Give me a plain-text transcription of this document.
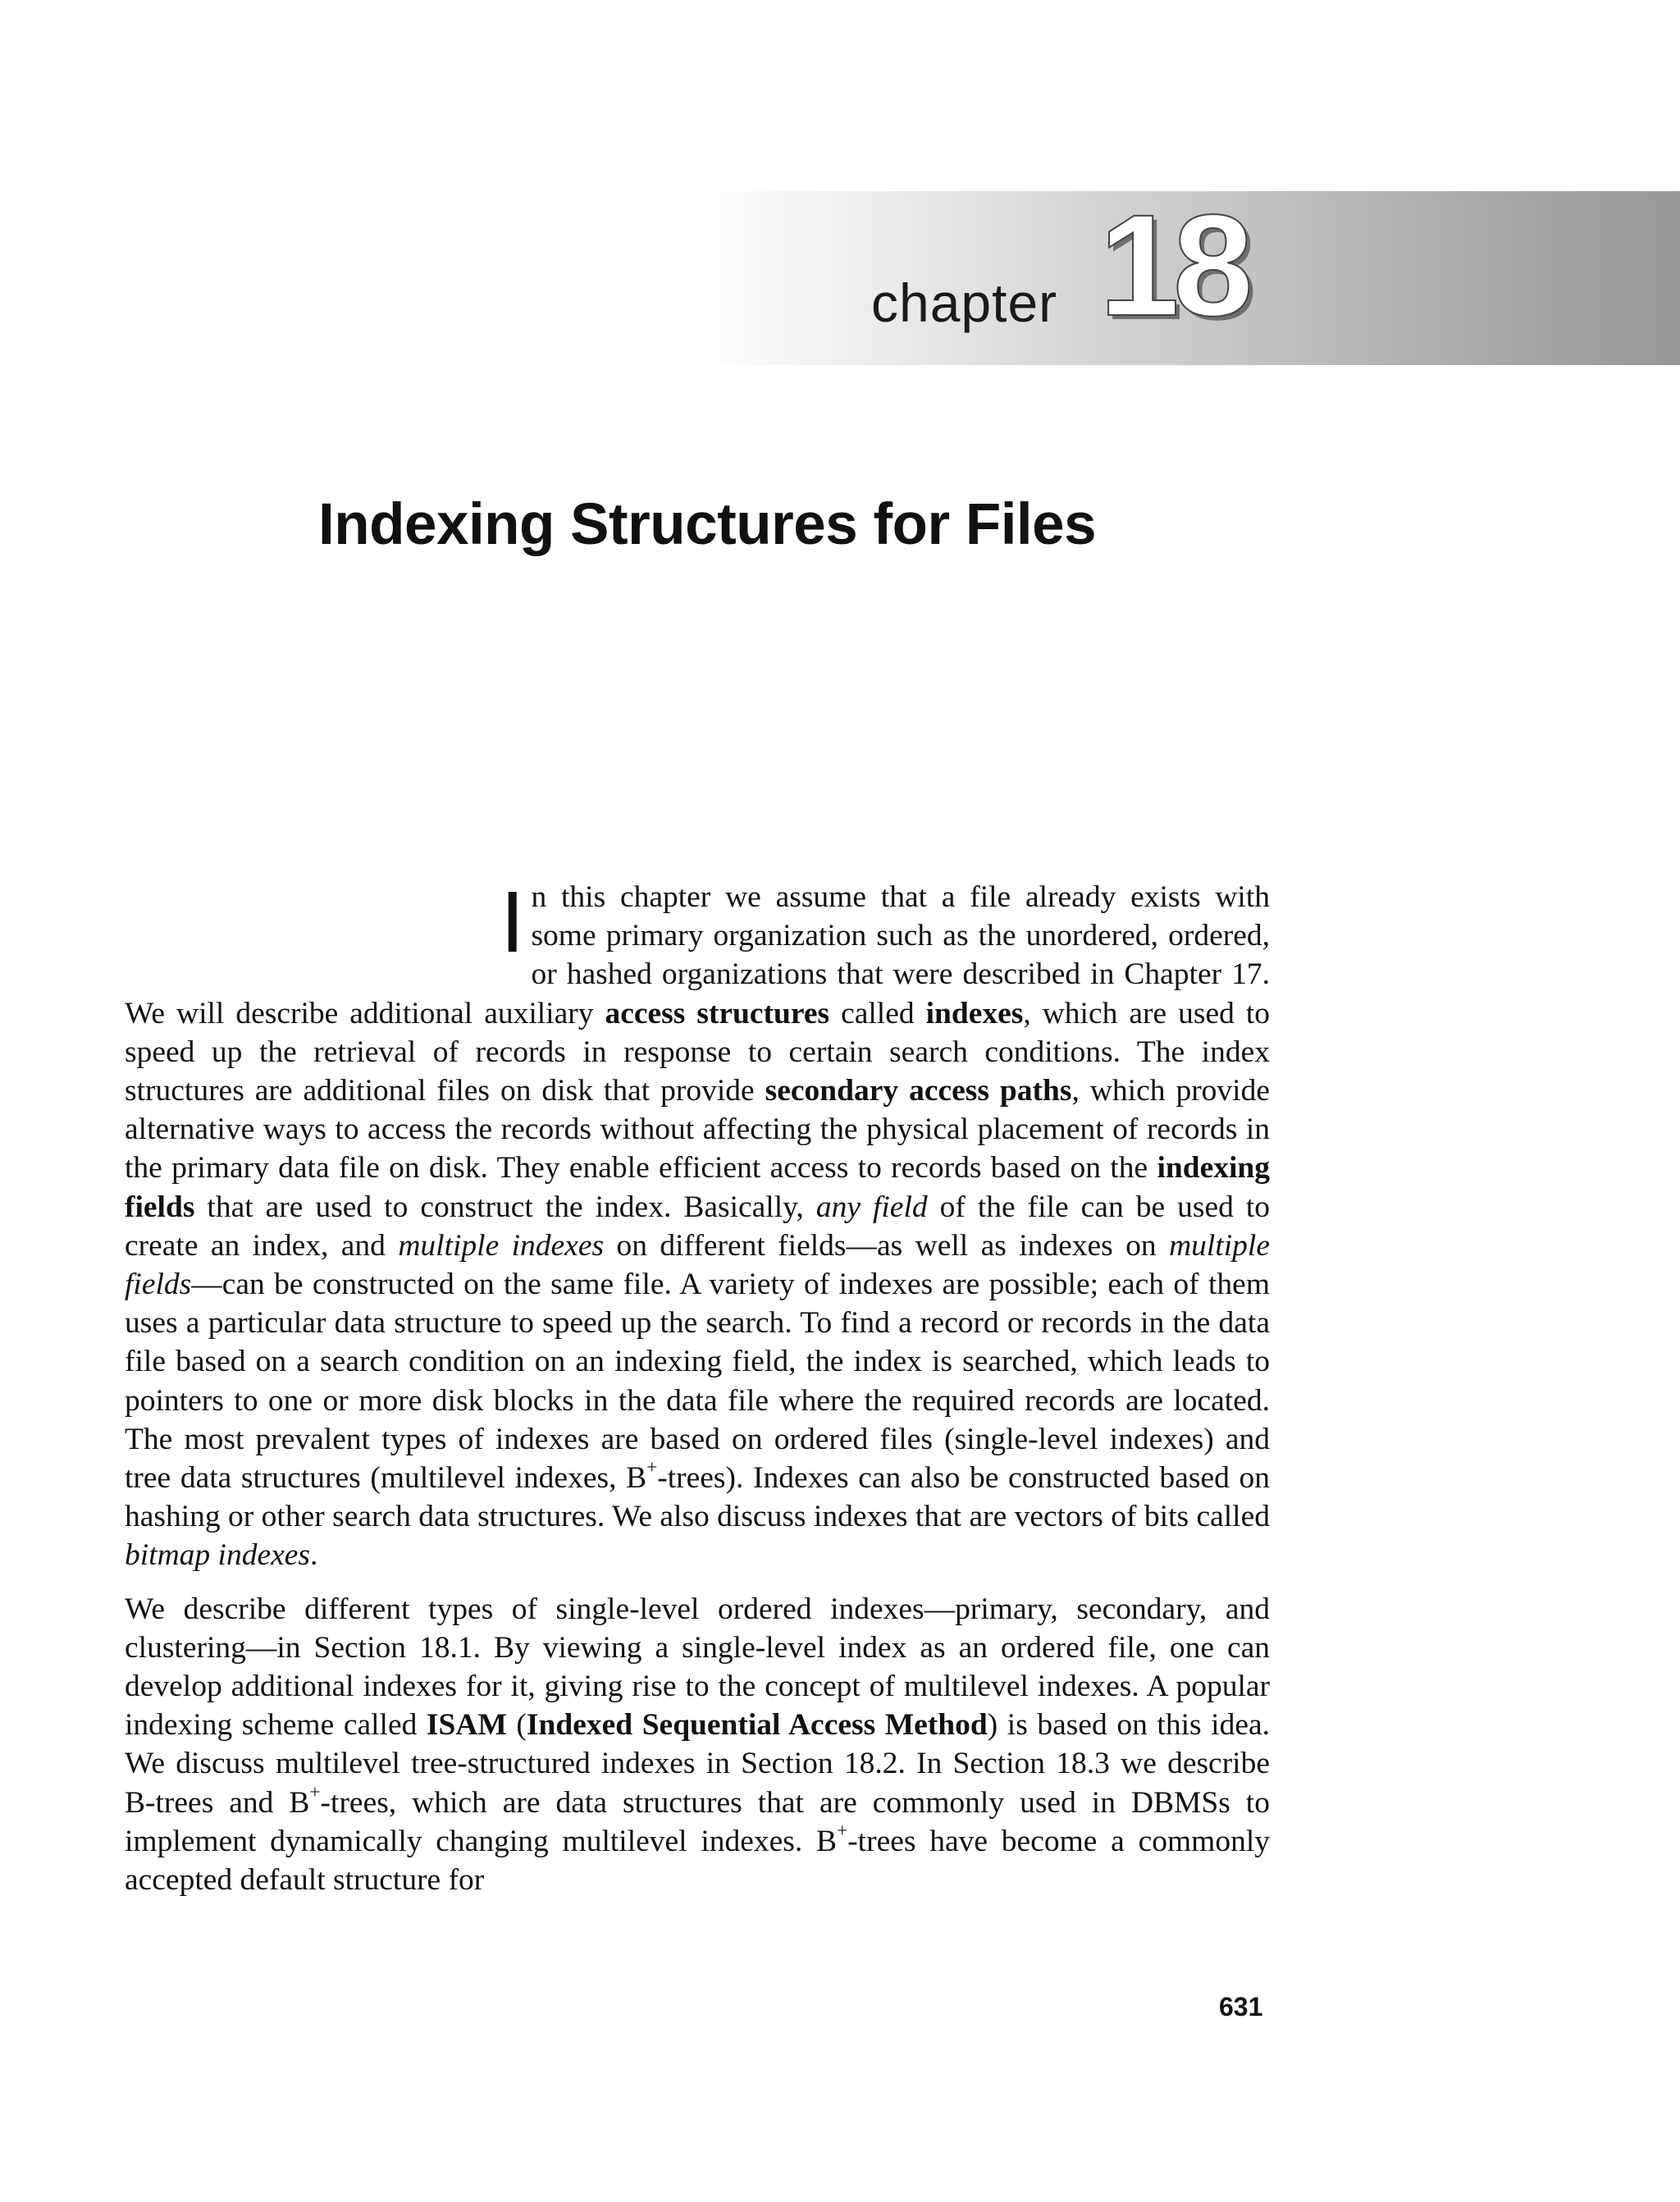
chapter 18
Indexing Structures for Files

In this chapter we assume that a file already exists with some primary organization such as the unordered, ordered, or hashed organizations that were described in Chapter 17. We will describe additional auxiliary access structures called indexes, which are used to speed up the retrieval of records in response to certain search conditions. The index structures are additional files on disk that provide secondary access paths, which provide alternative ways to access the records without affecting the physical placement of records in the primary data file on disk. They enable efficient access to records based on the indexing fields that are used to construct the index. Basically, any field of the file can be used to create an index, and multiple indexes on different fields—as well as indexes on multiple fields—can be constructed on the same file. A variety of indexes are possible; each of them uses a particular data structure to speed up the search. To find a record or records in the data file based on a search condition on an indexing field, the index is searched, which leads to pointers to one or more disk blocks in the data file where the required records are located. The most prevalent types of indexes are based on ordered files (single-level indexes) and tree data structures (multilevel indexes, B+-trees). Indexes can also be constructed based on hashing or other search data structures. We also discuss indexes that are vectors of bits called bitmap indexes.

We describe different types of single-level ordered indexes—primary, secondary, and clustering—in Section 18.1. By viewing a single-level index as an ordered file, one can develop additional indexes for it, giving rise to the concept of multilevel indexes. A popular indexing scheme called ISAM (Indexed Sequential Access Method) is based on this idea. We discuss multilevel tree-structured indexes in Section 18.2. In Section 18.3 we describe B-trees and B+-trees, which are data structures that are commonly used in DBMSs to implement dynamically changing multilevel indexes. B+-trees have become a commonly accepted default structure for

631
